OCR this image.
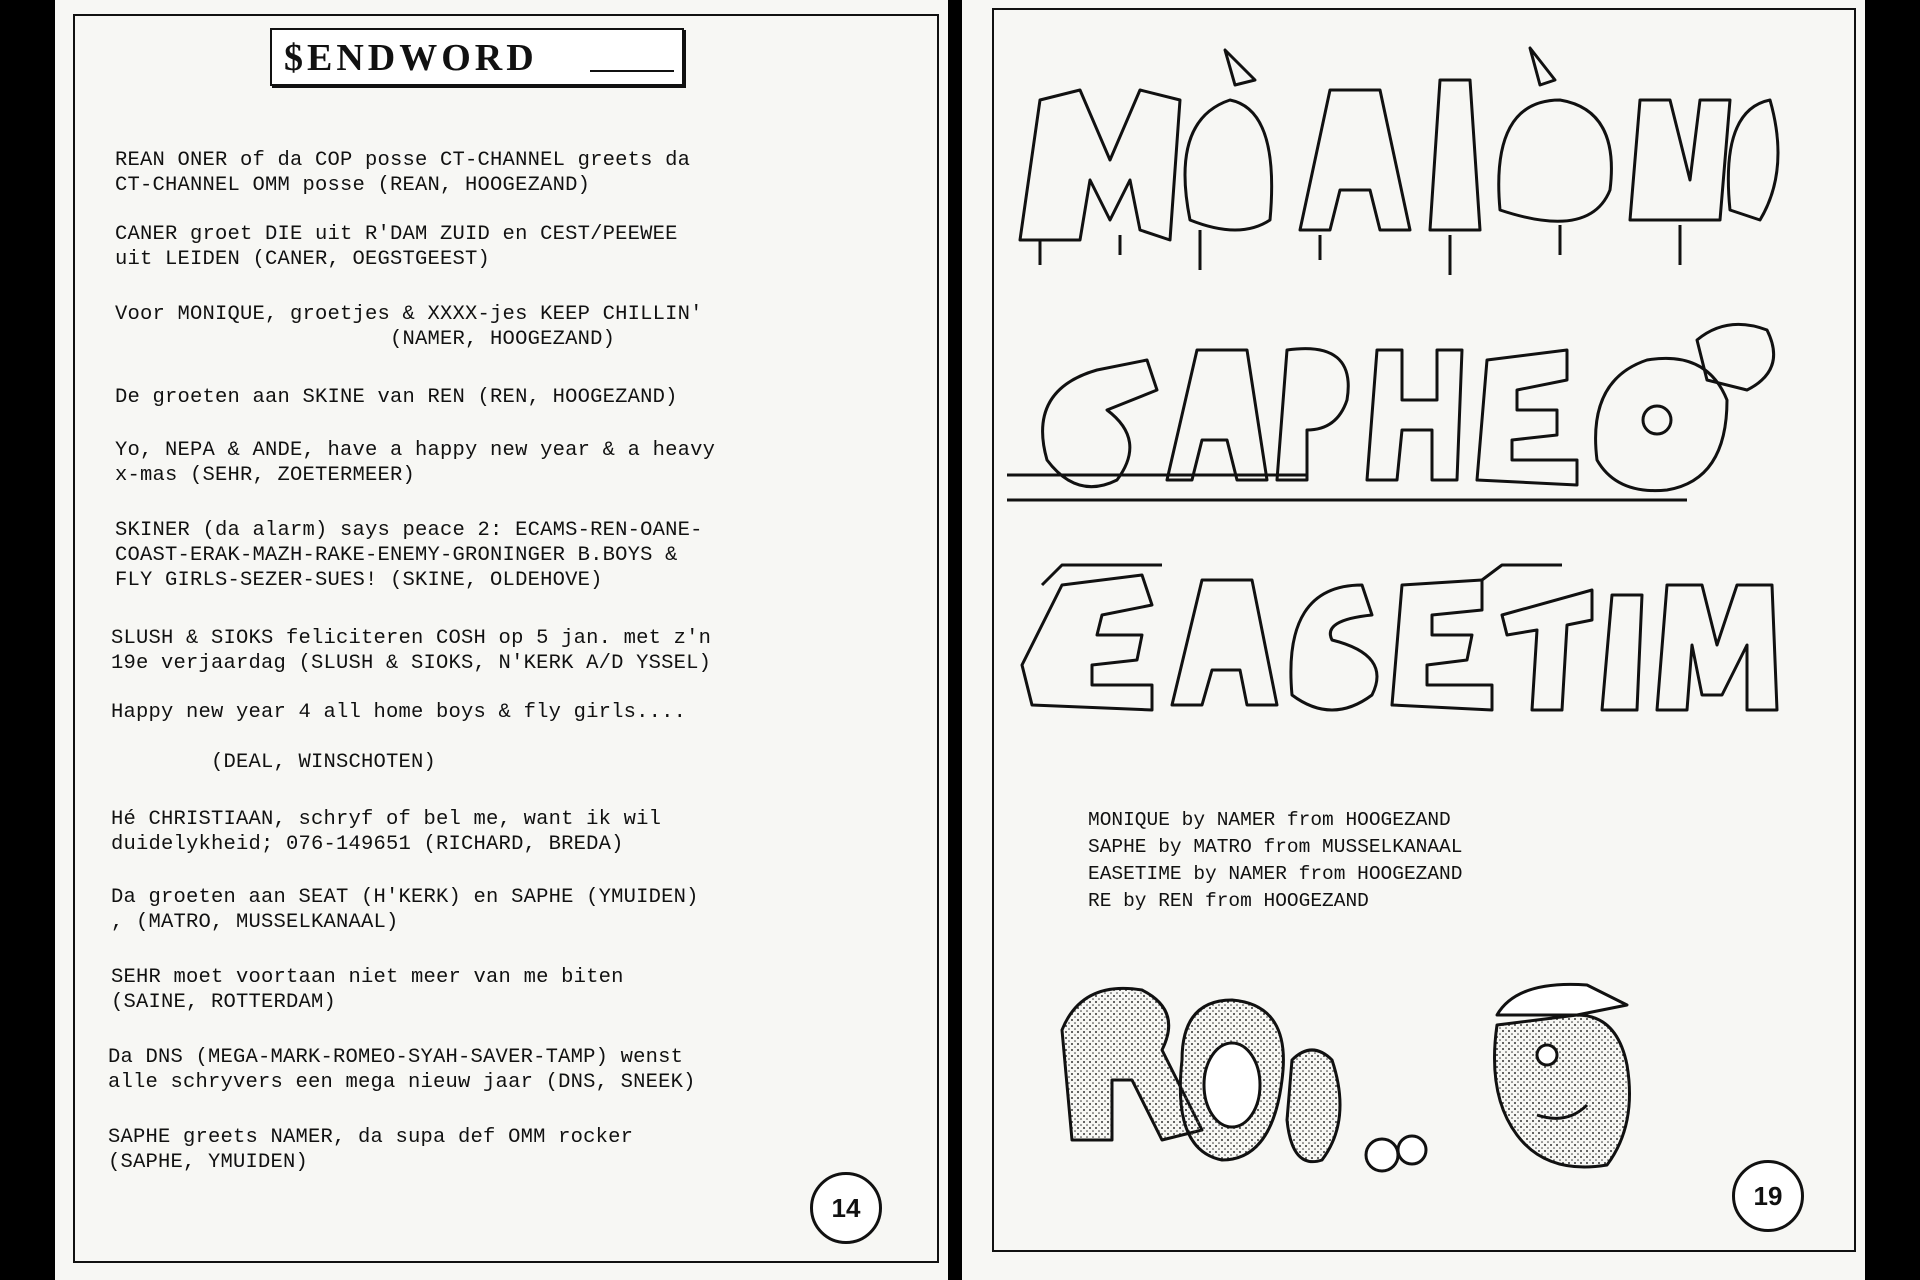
$ENDWORD
REAN ONER of da COP posse CT-CHANNEL greets da
CT-CHANNEL OMM posse (REAN, HOOGEZAND)
CANER groet DIE uit R'DAM ZUID en CEST/PEEWEE
uit LEIDEN (CANER, OEGSTGEEST)
Voor MONIQUE, groetjes & XXXX-jes KEEP CHILLIN'
(NAMER, HOOGEZAND)
De groeten aan SKINE van REN (REN, HOOGEZAND)
Yo, NEPA & ANDE, have a happy new year & a heavy
x-mas (SEHR, ZOETERMEER)
SKINER (da alarm) says peace 2: ECAMS-REN-OANE-
COAST-ERAK-MAZH-RAKE-ENEMY-GRONINGER B.BOYS &
FLY GIRLS-SEZER-SUES! (SKINE, OLDEHOVE)
SLUSH & SIOKS feliciteren COSH op 5 jan. met z'n
19e verjaardag (SLUSH & SIOKS, N'KERK A/D YSSEL)
Happy new year 4 all home boys & fly girls....

(DEAL, WINSCHOTEN)
Hé CHRISTIAAN, schryf of bel me, want ik wil
duidelykheid; 076-149651 (RICHARD, BREDA)
Da groeten aan SEAT (H'KERK) en SAPHE (YMUIDEN)
, (MATRO, MUSSELKANAAL)
SEHR moet voortaan niet meer van me biten
(SAINE, ROTTERDAM)
Da DNS (MEGA-MARK-ROMEO-SYAH-SAVER-TAMP) wenst
alle schryvers een mega nieuw jaar (DNS, SNEEK)
SAPHE greets NAMER, da supa def OMM rocker
(SAPHE, YMUIDEN)
14
MONIQUE by NAMER from HOOGEZAND
SAPHE by MATRO from MUSSELKANAAL
EASETIME by NAMER from HOOGEZAND
RE by REN from HOOGEZAND
19
